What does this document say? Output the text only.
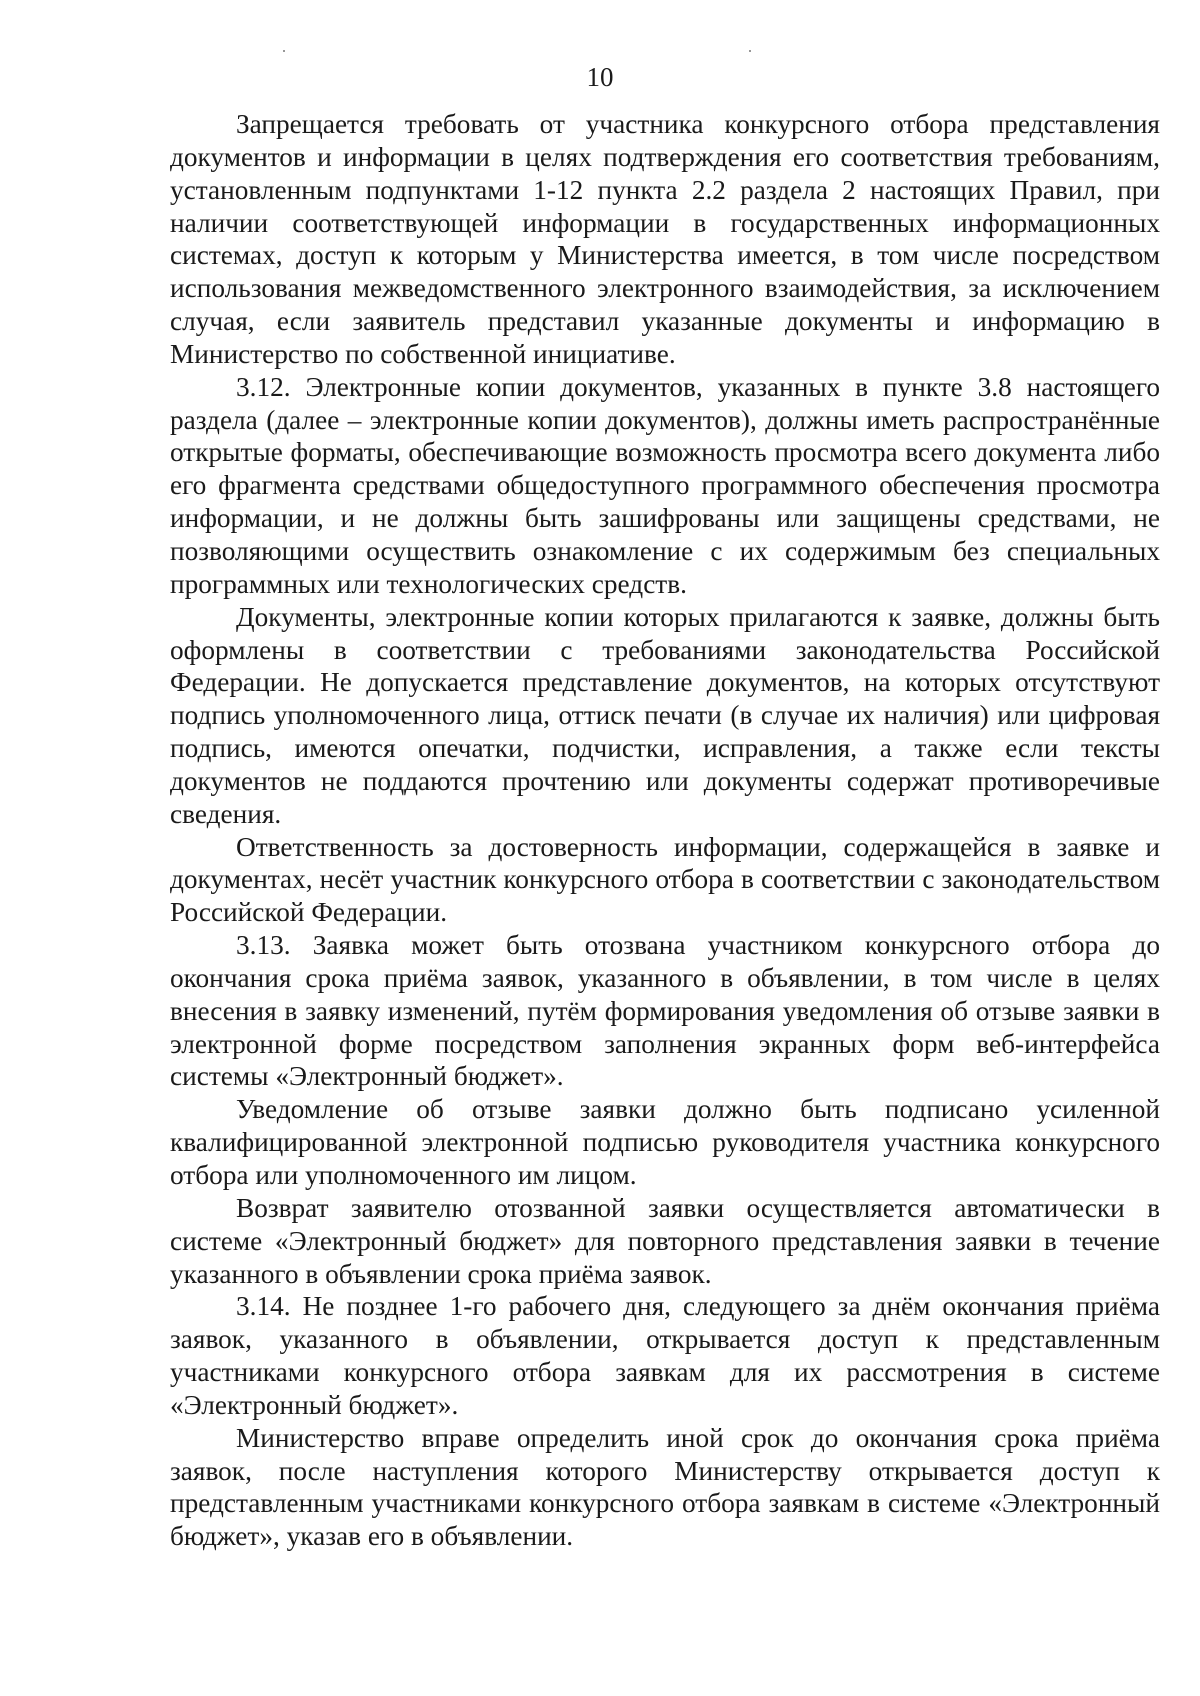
10

Запрещается требовать от участника конкурсного отбора представления документов и информации в целях подтверждения его соответствия требованиям, установленным подпунктами 1-12 пункта 2.2 раздела 2 настоящих Правил, при наличии соответствующей информации в государственных информационных системах, доступ к которым у Министерства имеется, в том числе посредством использования межведомственного электронного взаимодействия, за исключением случая, если заявитель представил указанные документы и информацию в Министерство по собственной инициативе.

3.12. Электронные копии документов, указанных в пункте 3.8 настоящего раздела (далее – электронные копии документов), должны иметь распространённые открытые форматы, обеспечивающие возможность просмотра всего документа либо его фрагмента средствами общедоступного программного обеспечения просмотра информации, и не должны быть зашифрованы или защищены средствами, не позволяющими осуществить ознакомление с их содержимым без специальных программных или технологических средств.

Документы, электронные копии которых прилагаются к заявке, должны быть оформлены в соответствии с требованиями законодательства Российской Федерации. Не допускается представление документов, на которых отсутствуют подпись уполномоченного лица, оттиск печати (в случае их наличия) или цифровая подпись, имеются опечатки, подчистки, исправления, а также если тексты документов не поддаются прочтению или документы содержат противоречивые сведения.

Ответственность за достоверность информации, содержащейся в заявке и документах, несёт участник конкурсного отбора в соответствии с законодательством Российской Федерации.

3.13. Заявка может быть отозвана участником конкурсного отбора до окончания срока приёма заявок, указанного в объявлении, в том числе в целях внесения в заявку изменений, путём формирования уведомления об отзыве заявки в электронной форме посредством заполнения экранных форм веб-интерфейса системы «Электронный бюджет».

Уведомление об отзыве заявки должно быть подписано усиленной квалифицированной электронной подписью руководителя участника конкурсного отбора или уполномоченного им лицом.

Возврат заявителю отозванной заявки осуществляется автоматически в системе «Электронный бюджет» для повторного представления заявки в течение указанного в объявлении срока приёма заявок.

3.14. Не позднее 1-го рабочего дня, следующего за днём окончания приёма заявок, указанного в объявлении, открывается доступ к представленным участниками конкурсного отбора заявкам для их рассмотрения в системе «Электронный бюджет».

Министерство вправе определить иной срок до окончания срока приёма заявок, после наступления которого Министерству открывается доступ к представленным участниками конкурсного отбора заявкам в системе «Электронный бюджет», указав его в объявлении.
